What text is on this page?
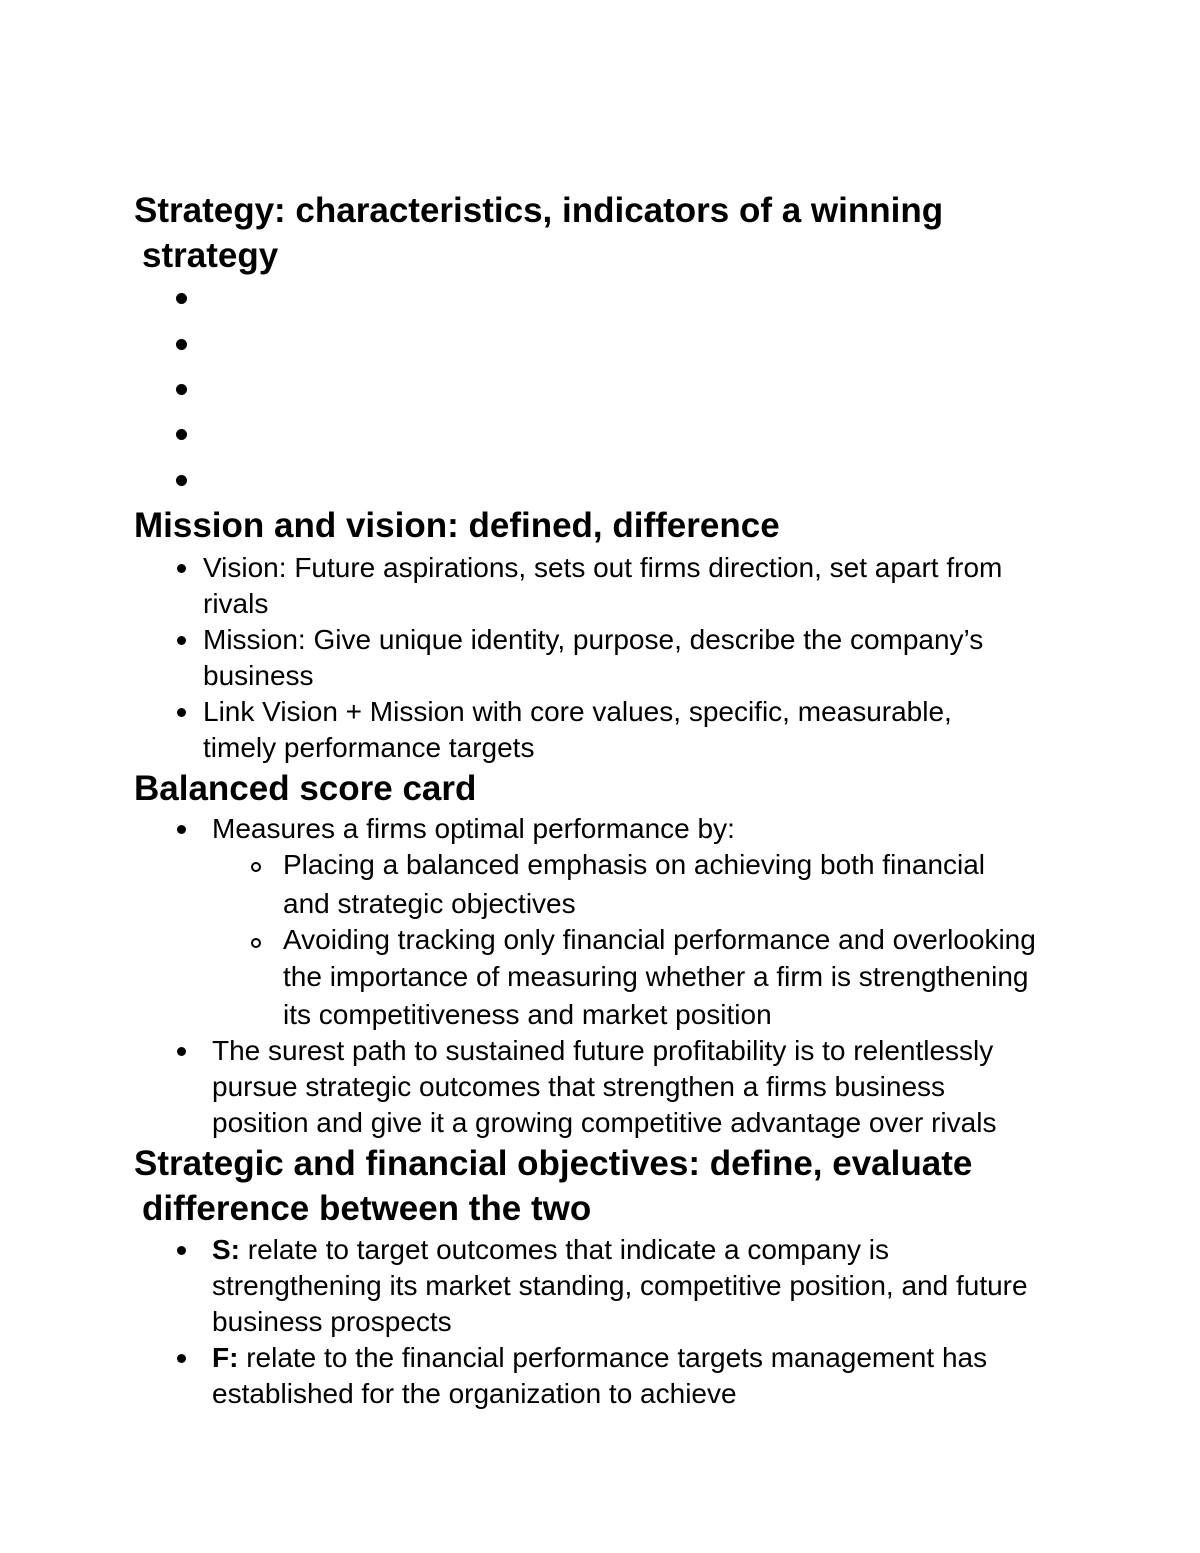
Strategy: characteristics, indicators of a winning
strategy
Mission and vision: defined, difference

Vision: Future aspirations, sets out firms direction, set apart from

rivals

Mission: Give unique identity, purpose, describe the company’s

business

Link Vision + Mission with core values, specific, measurable,

timely performance targets

Balanced score card

Measures a firms optimal performance by:

Placing a balanced emphasis on achieving both financial

and strategic objectives

Avoiding tracking only financial performance and overlooking

the importance of measuring whether a firm is strengthening

its competitiveness and market position

The surest path to sustained future profitability is to relentlessly

pursue strategic outcomes that strengthen a firms business

position and give it a growing competitive advantage over rivals

Strategic and financial objectives: define, evaluate
difference between the two

S: relate to target outcomes that indicate a company is

strengthening its market standing, competitive position, and future

business prospects

F: relate to the financial performance targets management has

established for the organization to achieve
